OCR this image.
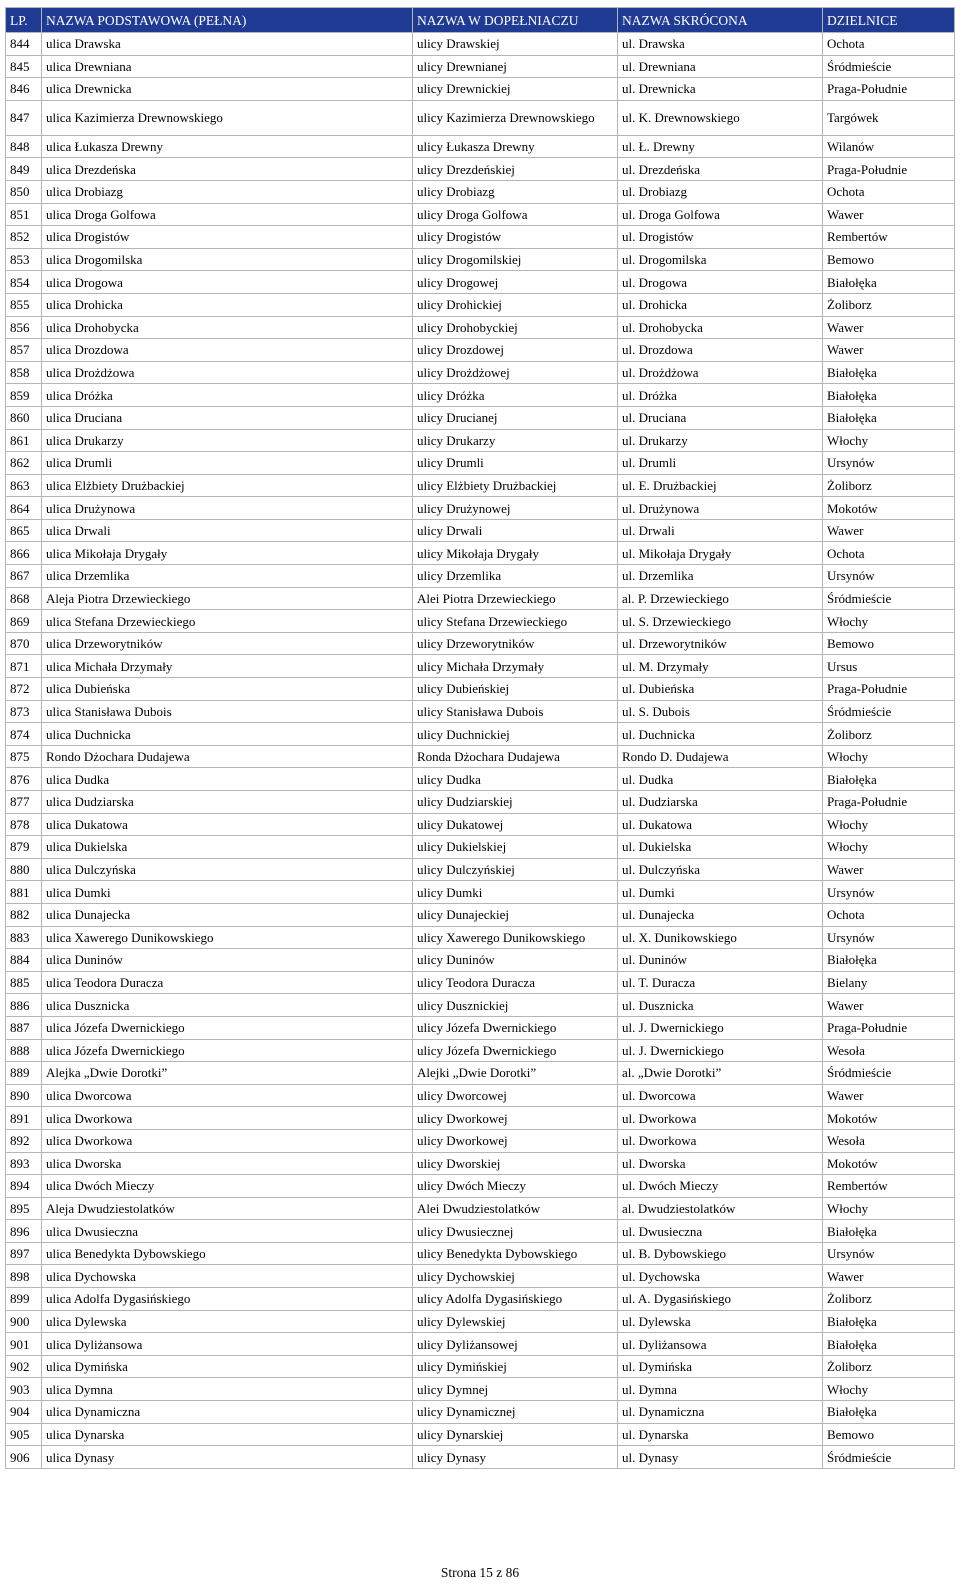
LP.	NAZWA PODSTAWOWA (PEŁNA)	NAZWA W DOPEŁNIACZU	NAZWA SKRÓCONA	DZIELNICE
844	ulica Drawska	ulicy Drawskiej	ul. Drawska	Ochota
845	ulica Drewniana	ulicy Drewnianej	ul. Drewniana	Śródmieście
846	ulica Drewnicka	ulicy Drewnickiej	ul. Drewnicka	Praga-Południe
847	ulica Kazimierza Drewnowskiego	ulicy Kazimierza Drewnowskiego	ul. K. Drewnowskiego	Targówek
848	ulica Łukasza Drewny	ulicy Łukasza Drewny	ul. Ł. Drewny	Wilanów
849	ulica Drezdeńska	ulicy Drezdeńskiej	ul. Drezdeńska	Praga-Południe
850	ulica Drobiazg	ulicy Drobiazg	ul. Drobiazg	Ochota
851	ulica Droga Golfowa	ulicy Droga Golfowa	ul. Droga Golfowa	Wawer
852	ulica Drogistów	ulicy Drogistów	ul. Drogistów	Rembertów
853	ulica Drogomilska	ulicy Drogomilskiej	ul. Drogomilska	Bemowo
854	ulica Drogowa	ulicy Drogowej	ul. Drogowa	Białołęka
855	ulica Drohicka	ulicy Drohickiej	ul. Drohicka	Żoliborz
856	ulica Drohobycka	ulicy Drohobyckiej	ul. Drohobycka	Wawer
857	ulica Drozdowa	ulicy Drozdowej	ul. Drozdowa	Wawer
858	ulica Drożdżowa	ulicy Drożdżowej	ul. Drożdżowa	Białołęka
859	ulica Dróżka	ulicy Dróżka	ul. Dróżka	Białołęka
860	ulica Druciana	ulicy Drucianej	ul. Druciana	Białołęka
861	ulica Drukarzy	ulicy Drukarzy	ul. Drukarzy	Włochy
862	ulica Drumli	ulicy Drumli	ul. Drumli	Ursynów
863	ulica Elżbiety Drużbackiej	ulicy Elżbiety Drużbackiej	ul. E. Drużbackiej	Żoliborz
864	ulica Drużynowa	ulicy Drużynowej	ul. Drużynowa	Mokotów
865	ulica Drwali	ulicy Drwali	ul. Drwali	Wawer
866	ulica Mikołaja Drygały	ulicy Mikołaja Drygały	ul. Mikołaja Drygały	Ochota
867	ulica Drzemlika	ulicy Drzemlika	ul. Drzemlika	Ursynów
868	Aleja Piotra Drzewieckiego	Alei Piotra Drzewieckiego	al. P. Drzewieckiego	Śródmieście
869	ulica Stefana Drzewieckiego	ulicy Stefana Drzewieckiego	ul. S. Drzewieckiego	Włochy
870	ulica Drzeworytników	ulicy Drzeworytników	ul. Drzeworytników	Bemowo
871	ulica Michała Drzymały	ulicy Michała Drzymały	ul. M. Drzymały	Ursus
872	ulica Dubieńska	ulicy Dubieńskiej	ul. Dubieńska	Praga-Południe
873	ulica Stanisława Dubois	ulicy Stanisława Dubois	ul. S. Dubois	Śródmieście
874	ulica Duchnicka	ulicy Duchnickiej	ul. Duchnicka	Żoliborz
875	Rondo Dżochara Dudajewa	Ronda Dżochara Dudajewa	Rondo D. Dudajewa	Włochy
876	ulica Dudka	ulicy Dudka	ul. Dudka	Białołęka
877	ulica Dudziarska	ulicy Dudziarskiej	ul. Dudziarska	Praga-Południe
878	ulica Dukatowa	ulicy Dukatowej	ul. Dukatowa	Włochy
879	ulica Dukielska	ulicy Dukielskiej	ul. Dukielska	Włochy
880	ulica Dulczyńska	ulicy Dulczyńskiej	ul. Dulczyńska	Wawer
881	ulica Dumki	ulicy Dumki	ul. Dumki	Ursynów
882	ulica Dunajecka	ulicy Dunajeckiej	ul. Dunajecka	Ochota
883	ulica Xawerego Dunikowskiego	ulicy Xawerego Dunikowskiego	ul. X. Dunikowskiego	Ursynów
884	ulica Duninów	ulicy Duninów	ul. Duninów	Białołęka
885	ulica Teodora Duracza	ulicy Teodora Duracza	ul. T. Duracza	Bielany
886	ulica Dusznicka	ulicy Dusznickiej	ul. Dusznicka	Wawer
887	ulica Józefa Dwernickiego	ulicy Józefa Dwernickiego	ul. J. Dwernickiego	Praga-Południe
888	ulica Józefa Dwernickiego	ulicy Józefa Dwernickiego	ul. J. Dwernickiego	Wesoła
889	Alejka „Dwie Dorotki”	Alejki „Dwie Dorotki”	al. „Dwie Dorotki”	Śródmieście
890	ulica Dworcowa	ulicy Dworcowej	ul. Dworcowa	Wawer
891	ulica Dworkowa	ulicy Dworkowej	ul. Dworkowa	Mokotów
892	ulica Dworkowa	ulicy Dworkowej	ul. Dworkowa	Wesoła
893	ulica Dworska	ulicy Dworskiej	ul. Dworska	Mokotów
894	ulica Dwóch Mieczy	ulicy Dwóch Mieczy	ul. Dwóch Mieczy	Rembertów
895	Aleja Dwudziestolatków	Alei Dwudziestolatków	al. Dwudziestolatków	Włochy
896	ulica Dwusieczna	ulicy Dwusiecznej	ul. Dwusieczna	Białołęka
897	ulica Benedykta Dybowskiego	ulicy Benedykta Dybowskiego	ul. B. Dybowskiego	Ursynów
898	ulica Dychowska	ulicy Dychowskiej	ul. Dychowska	Wawer
899	ulica Adolfa Dygasińskiego	ulicy Adolfa Dygasińskiego	ul. A. Dygasińskiego	Żoliborz
900	ulica Dylewska	ulicy Dylewskiej	ul. Dylewska	Białołęka
901	ulica Dyliżansowa	ulicy Dyliżansowej	ul. Dyliżansowa	Białołęka
902	ulica Dymińska	ulicy Dymińskiej	ul. Dymińska	Żoliborz
903	ulica Dymna	ulicy Dymnej	ul. Dymna	Włochy
904	ulica Dynamiczna	ulicy Dynamicznej	ul. Dynamiczna	Białołęka
905	ulica Dynarska	ulicy Dynarskiej	ul. Dynarska	Bemowo
906	ulica Dynasy	ulicy Dynasy	ul. Dynasy	Śródmieście
Strona 15 z 86
